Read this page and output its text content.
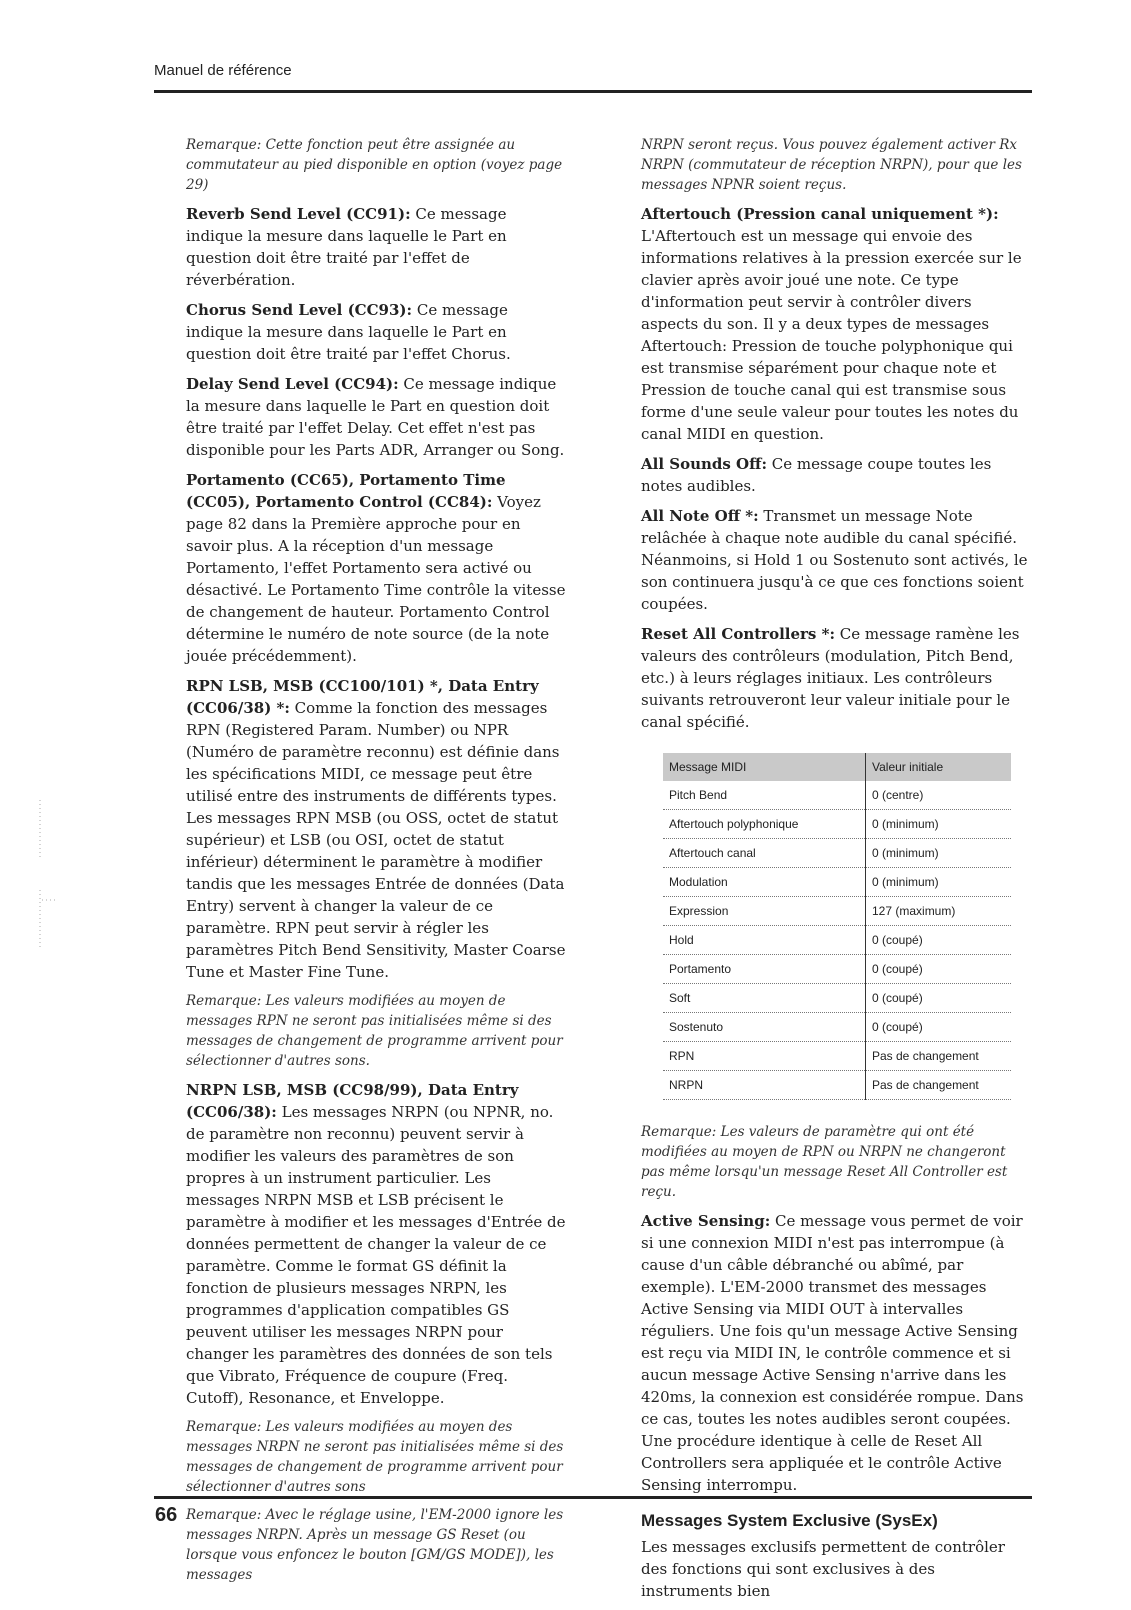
Manuel de référence

Remarque: Cette fonction peut être assignée au commutateur au pied disponible en option (voyez page 29)

Reverb Send Level (CC91): Ce message indique la mesure dans laquelle le Part en question doit être traité par l'effet de réverbération.

Chorus Send Level (CC93): Ce message indique la mesure dans laquelle le Part en question doit être traité par l'effet Chorus.

Delay Send Level (CC94): Ce message indique la mesure dans laquelle le Part en question doit être traité par l'effet Delay. Cet effet n'est pas disponible pour les Parts ADR, Arranger ou Song.

Portamento (CC65), Portamento Time (CC05), Portamento Control (CC84): Voyez page 82 dans la Première approche pour en savoir plus. A la réception d'un message Portamento, l'effet Portamento sera activé ou désactivé. Le Portamento Time contrôle la vitesse de changement de hauteur. Portamento Control détermine le numéro de note source (de la note jouée précédemment).

RPN LSB, MSB (CC100/101) *, Data Entry (CC06/38) *: Comme la fonction des messages RPN (Registered Param. Number) ou NPR (Numéro de paramètre reconnu) est définie dans les spécifications MIDI, ce message peut être utilisé entre des instruments de différents types. Les messages RPN MSB (ou OSS, octet de statut supérieur) et LSB (ou OSI, octet de statut inférieur) déterminent le paramètre à modifier tandis que les messages Entrée de données (Data Entry) servent à changer la valeur de ce paramètre. RPN peut servir à régler les paramètres Pitch Bend Sensitivity, Master Coarse Tune et Master Fine Tune.

Remarque: Les valeurs modifiées au moyen de messages RPN ne seront pas initialisées même si des messages de changement de programme arrivent pour sélectionner d'autres sons.

NRPN LSB, MSB (CC98/99), Data Entry (CC06/38): Les messages NRPN (ou NPNR, no. de paramètre non reconnu) peuvent servir à modifier les valeurs des paramètres de son propres à un instrument particulier. Les messages NRPN MSB et LSB précisent le paramètre à modifier et les messages d'Entrée de données permettent de changer la valeur de ce paramètre. Comme le format GS définit la fonction de plusieurs messages NRPN, les programmes d'application compatibles GS peuvent utiliser les messages NRPN pour changer les paramètres des données de son tels que Vibrato, Fréquence de coupure (Freq. Cutoff), Resonance, et Enveloppe.

Remarque: Les valeurs modifiées au moyen des messages NRPN ne seront pas initialisées même si des messages de changement de programme arrivent pour sélectionner d'autres sons

Remarque: Avec le réglage usine, l'EM-2000 ignore les messages NRPN. Après un message GS Reset (ou lorsque vous enfoncez le bouton [GM/GS MODE]), les messages

NRPN seront reçus. Vous pouvez également activer Rx NRPN (commutateur de réception NRPN), pour que les messages NPNR soient reçus.

Aftertouch (Pression canal uniquement *): L'Aftertouch est un message qui envoie des informations relatives à la pression exercée sur le clavier après avoir joué une note. Ce type d'information peut servir à contrôler divers aspects du son. Il y a deux types de messages Aftertouch: Pression de touche polyphonique qui est transmise séparément pour chaque note et Pression de touche canal qui est transmise sous forme d'une seule valeur pour toutes les notes du canal MIDI en question.

All Sounds Off: Ce message coupe toutes les notes audibles.

All Note Off *: Transmet un message Note relâchée à chaque note audible du canal spécifié. Néanmoins, si Hold 1 ou Sostenuto sont activés, le son continuera jusqu'à ce que ces fonctions soient coupées.

Reset All Controllers *: Ce message ramène les valeurs des contrôleurs (modulation, Pitch Bend, etc.) à leurs réglages initiaux. Les contrôleurs suivants retrouveront leur valeur initiale pour le canal spécifié.

Message MIDI	Valeur initiale
Pitch Bend	0 (centre)
Aftertouch polyphonique	0 (minimum)
Aftertouch canal	0 (minimum)
Modulation	0 (minimum)
Expression	127 (maximum)
Hold	0 (coupé)
Portamento	0 (coupé)
Soft	0 (coupé)
Sostenuto	0 (coupé)
RPN	Pas de changement
NRPN	Pas de changement

Remarque: Les valeurs de paramètre qui ont été modifiées au moyen de RPN ou NRPN ne changeront pas même lorsqu'un message Reset All Controller est reçu.

Active Sensing: Ce message vous permet de voir si une connexion MIDI n'est pas interrompue (à cause d'un câble débranché ou abîmé, par exemple). L'EM-2000 transmet des messages Active Sensing via MIDI OUT à intervalles réguliers. Une fois qu'un message Active Sensing est reçu via MIDI IN, le contrôle commence et si aucun message Active Sensing n'arrive dans les 420ms, la connexion est considérée rompue. Dans ce cas, toutes les notes audibles seront coupées. Une procédure identique à celle de Reset All Controllers sera appliquée et le contrôle Active Sensing interrompu.

Messages System Exclusive (SysEx)

Les messages exclusifs permettent de contrôler des fonctions qui sont exclusives à des instruments bien

66
